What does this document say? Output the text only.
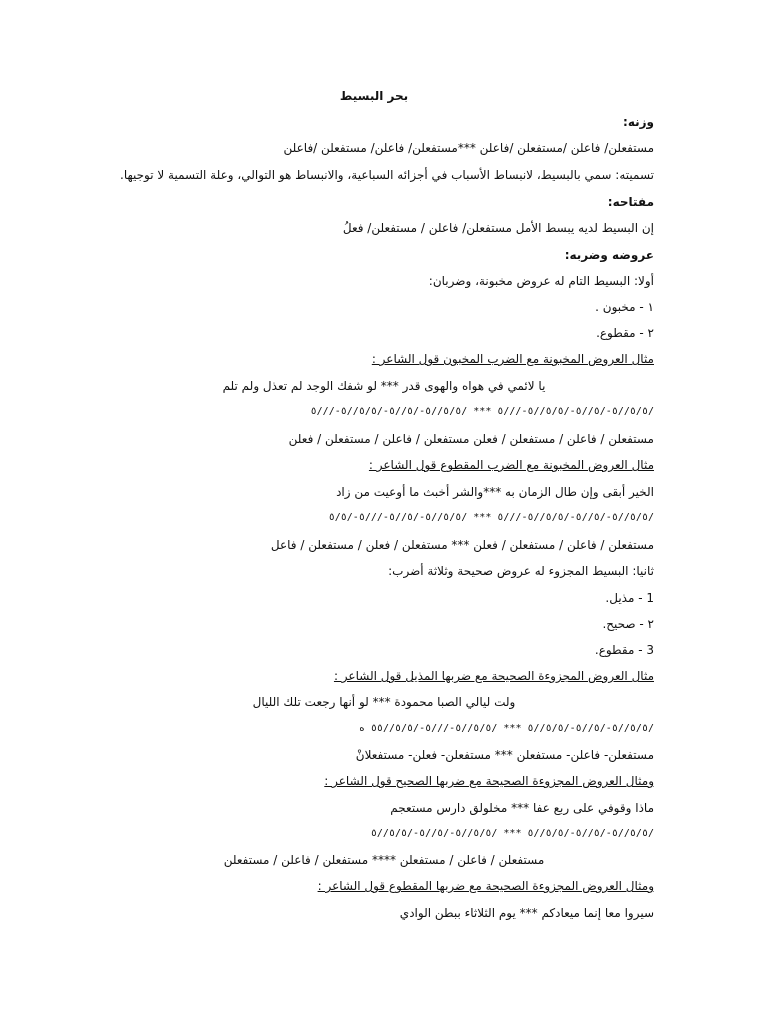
بحر البسيط
وزنه:
مستفعلن/ فاعلن /مستفعلن /فاعلن ***مستفعلن/ فاعلن/ مستفعلن /فاعلن
تسميته: سمي بالبسيط، لانبساط الأسباب في أجزائه السباعية، والانبساط هو التوالي، وعلة التسمية لا توجيها.
مفتاحه:
إن البسيط لديه يبسط الأمل مستفعلن/ فاعلن / مستفعلن/ فعلُ
عروضه وضربه:
أولا: البسيط التام له عروض مخبونة، وضربان:
١ - مخبون .
٢ - مقطوع.
مثال العروض المخبونة مع الضرب المخبون قول الشاعر :
يا لائمي في هواه والهوى قدر *** لو شفك الوجد لم تعذل ولم تلم
/٥/٥//٥-/٥//٥-/٥/٥//٥-///٥ *** /٥/٥//٥-/٥//٥-/٥/٥//٥-///٥
مستفعلن / فاعلن / مستفعلن / فعلن مستفعلن / فاعلن / مستفعلن / فعلن
مثال العروض المخبونة مع الضرب المقطوع قول الشاعر :
الخير أبقى وإن طال الزمان به ***والشر أخبث ما أوعيت من زاد
/٥/٥//٥-/٥//٥-/٥/٥//٥-///٥ *** /٥/٥//٥-/٥//٥-///٥-/٥/٥
مستفعلن / فاعلن / مستفعلن / فعلن *** مستفعلن / فعلن / مستفعلن / فاعل
ثانيا: البسيط المجزوء له عروض صحيحة وثلاثة أضرب:
1 - مذيل.
٢ - صحيح.
3 - مقطوع.
مثال العروض المجزوءة الصحيحة مع ضربها المذيل قول الشاعر :
ولت ليالي الصبا محمودة *** لو أنها رجعت تلك الليال
/٥/٥//٥-/٥//٥-/٥/٥//٥ *** /٥/٥//٥-///٥-/٥/٥//٥٥ ه
مستفعلن- فاعلن- مستفعلن *** مستفعلن- فعلن- مستفعلانْ
ومثال العروض المجزوءة الصحيحة مع ضربها الصحيح قول الشاعر :
ماذا وقوفي على ربع عفا *** مخلولق دارس مستعجم
/٥/٥//٥-/٥//٥-/٥/٥//٥ *** /٥/٥//٥-/٥//٥-/٥/٥//٥
مستفعلن / فاعلن / مستفعلن **** مستفعلن / فاعلن / مستفعلن
ومثال العروض المجزوءة الصحيحة مع ضربها المقطوع قول الشاعر :
سيروا معا إنما ميعادكم *** يوم الثلاثاء ببطن الوادي
